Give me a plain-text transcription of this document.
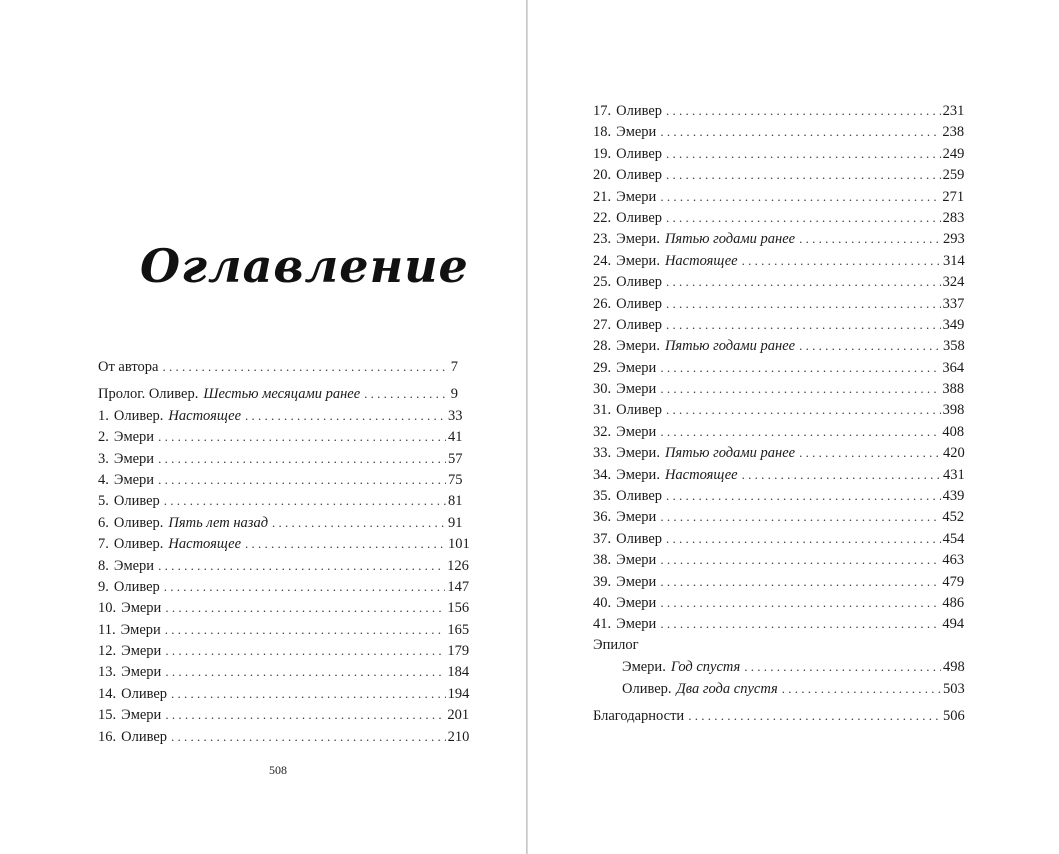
Оглавление
От автора . . .	7
Пролог. Оливер. Шестью месяцами ранее . . .	9
1. Оливер. Настоящее . . .	33
2. Эмери . . .	41
3. Эмери . . .	57
4. Эмери . . .	75
5. Оливер . . .	81
6. Оливер. Пять лет назад . . .	91
7. Оливер. Настоящее . . .	101
8. Эмери . . .	126
9. Оливер . . .	147
10. Эмери . . .	156
11. Эмери . . .	165
12. Эмери . . .	179
13. Эмери . . .	184
14. Оливер . . .	194
15. Эмери . . .	201
16. Оливер . . .	210
17. Оливер . . .	231
18. Эмери . . .	238
19. Оливер . . .	249
20. Оливер . . .	259
21. Эмери . . .	271
22. Оливер . . .	283
23. Эмери. Пятью годами ранее . . .	293
24. Эмери. Настоящее . . .	314
25. Оливер . . .	324
26. Оливер . . .	337
27. Оливер . . .	349
28. Эмери. Пятью годами ранее . . .	358
29. Эмери . . .	364
30. Эмери . . .	388
31. Оливер . . .	398
32. Эмери . . .	408
33. Эмери. Пятью годами ранее . . .	420
34. Эмери. Настоящее . . .	431
35. Оливер . . .	439
36. Эмери . . .	452
37. Оливер . . .	454
38. Эмери . . .	463
39. Эмери . . .	479
40. Эмери . . .	486
41. Эмери . . .	494
Эпилог
Эмери. Год спустя . . .	498
Оливер. Два года спустя . . .	503
Благодарности . . .	506
508
